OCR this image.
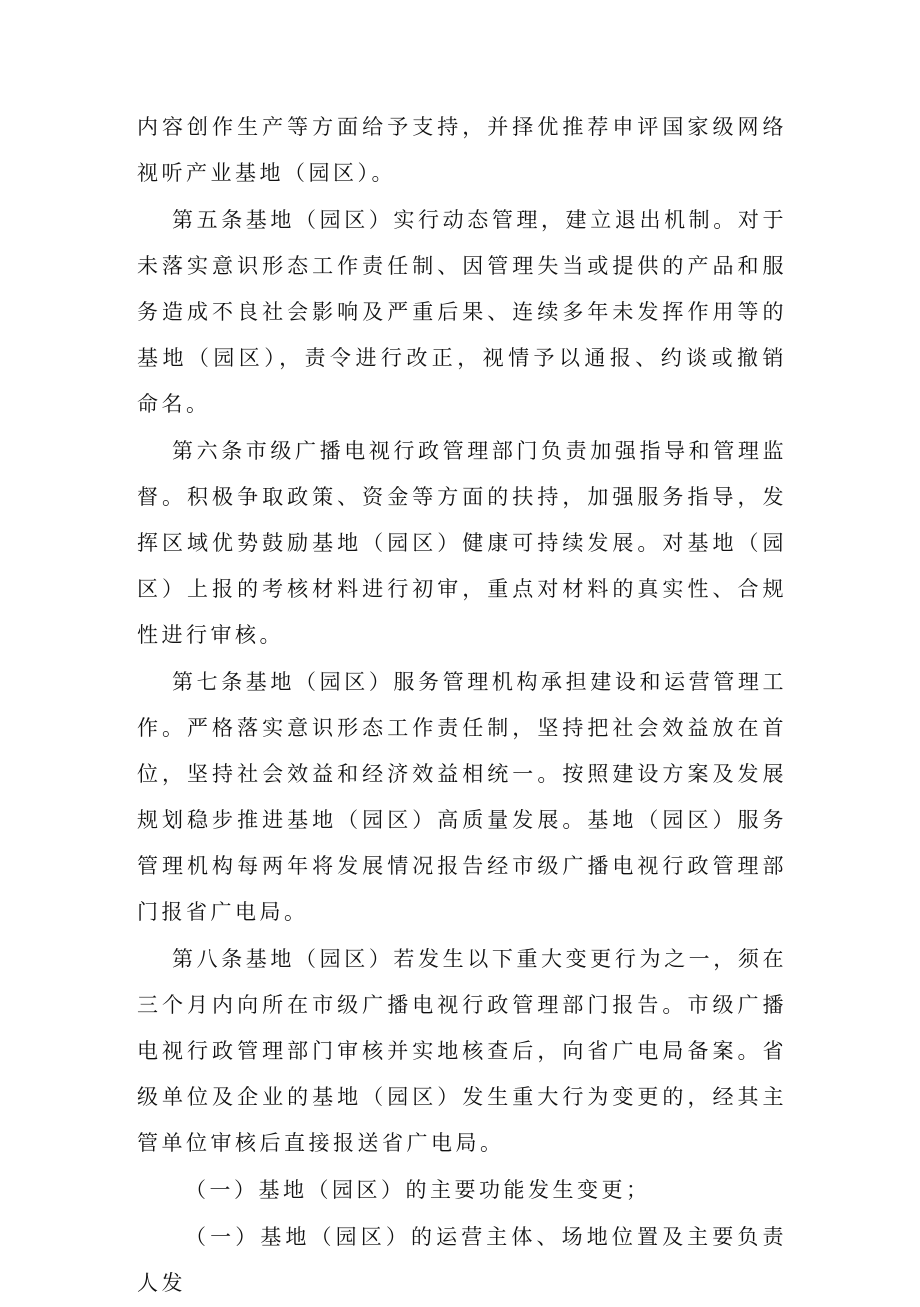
内容创作生产等方面给予支持，并择优推荐申评国家级网络视听产业基地（园区）。

第五条基地（园区）实行动态管理，建立退出机制。对于未落实意识形态工作责任制、因管理失当或提供的产品和服务造成不良社会影响及严重后果、连续多年未发挥作用等的基地（园区），责令进行改正，视情予以通报、约谈或撤销命名。

第六条市级广播电视行政管理部门负责加强指导和管理监督。积极争取政策、资金等方面的扶持，加强服务指导，发挥区域优势鼓励基地（园区）健康可持续发展。对基地（园区）上报的考核材料进行初审，重点对材料的真实性、合规性进行审核。

第七条基地（园区）服务管理机构承担建设和运营管理工作。严格落实意识形态工作责任制，坚持把社会效益放在首位，坚持社会效益和经济效益相统一。按照建设方案及发展规划稳步推进基地（园区）高质量发展。基地（园区）服务管理机构每两年将发展情况报告经市级广播电视行政管理部门报省广电局。

第八条基地（园区）若发生以下重大变更行为之一，须在三个月内向所在市级广播电视行政管理部门报告。市级广播电视行政管理部门审核并实地核查后，向省广电局备案。省级单位及企业的基地（园区）发生重大行为变更的，经其主管单位审核后直接报送省广电局。

（一）基地（园区）的主要功能发生变更；

（一）基地（园区）的运营主体、场地位置及主要负责人发
